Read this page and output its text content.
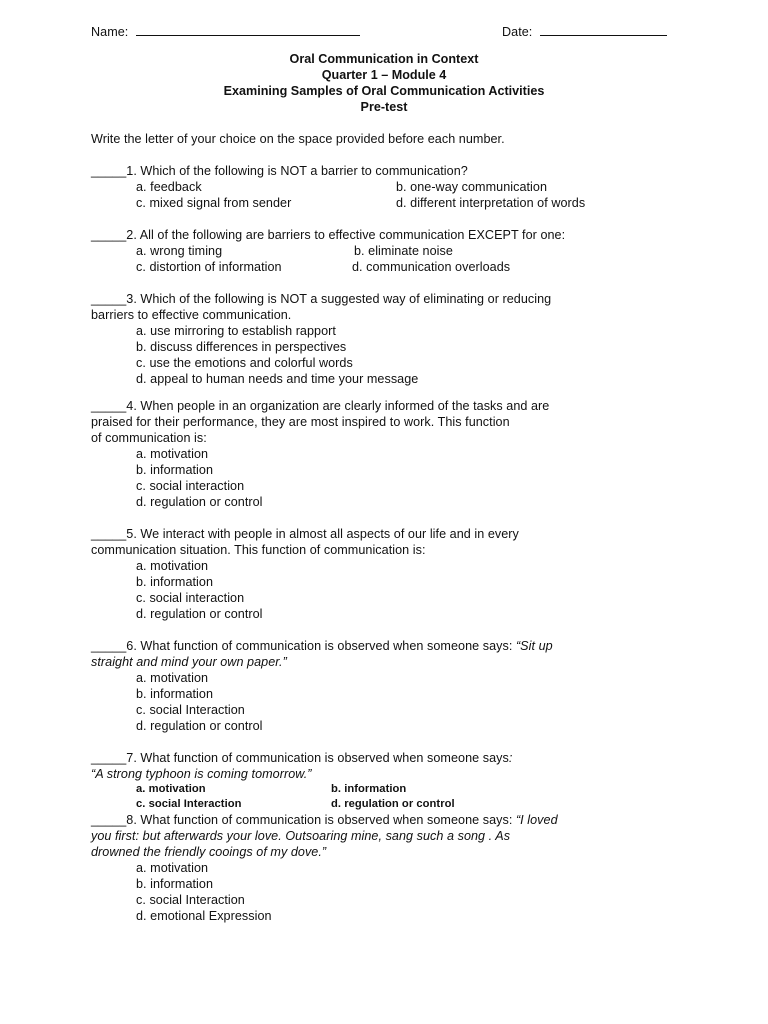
Name:	Date:
Oral Communication in Context
Quarter 1 – Module 4
Examining Samples of Oral Communication Activities
Pre-test
Write the letter of your choice on the space provided before each number.
_____1. Which of the following is NOT a barrier to communication?
a. feedback	b. one-way communication
c. mixed signal from sender	d. different interpretation of words
_____2. All of the following are barriers to effective communication EXCEPT for one:
a. wrong timing	b. eliminate noise
c. distortion of information	d. communication overloads
_____3. Which of the following is NOT a suggested way of eliminating or reducing
barriers to effective communication.
a. use mirroring to establish rapport
b. discuss differences in perspectives
c. use the emotions and colorful words
d. appeal to human needs and time your message
_____4. When people in an organization are clearly informed of the tasks and are
praised for their performance, they are most inspired to work. This function
of communication is:
a. motivation
b. information
c. social interaction
d. regulation or control
_____5. We interact with people in almost all aspects of our life and in every
communication situation. This function of communication is:
a. motivation
b. information
c. social interaction
d. regulation or control
_____6. What function of communication is observed when someone says: “Sit up
straight and mind your own paper.”
a. motivation
b. information
c. social Interaction
d. regulation or control
_____7. What function of communication is observed when someone says:
“A strong typhoon is coming tomorrow.”
a. motivation	b. information
c. social Interaction	d. regulation or control
_____8. What function of communication is observed when someone says: “I loved
you first: but afterwards your love. Outsoaring mine, sang such a song . As
drowned the friendly cooings of my dove.”
a. motivation
b. information
c. social Interaction
d. emotional Expression
